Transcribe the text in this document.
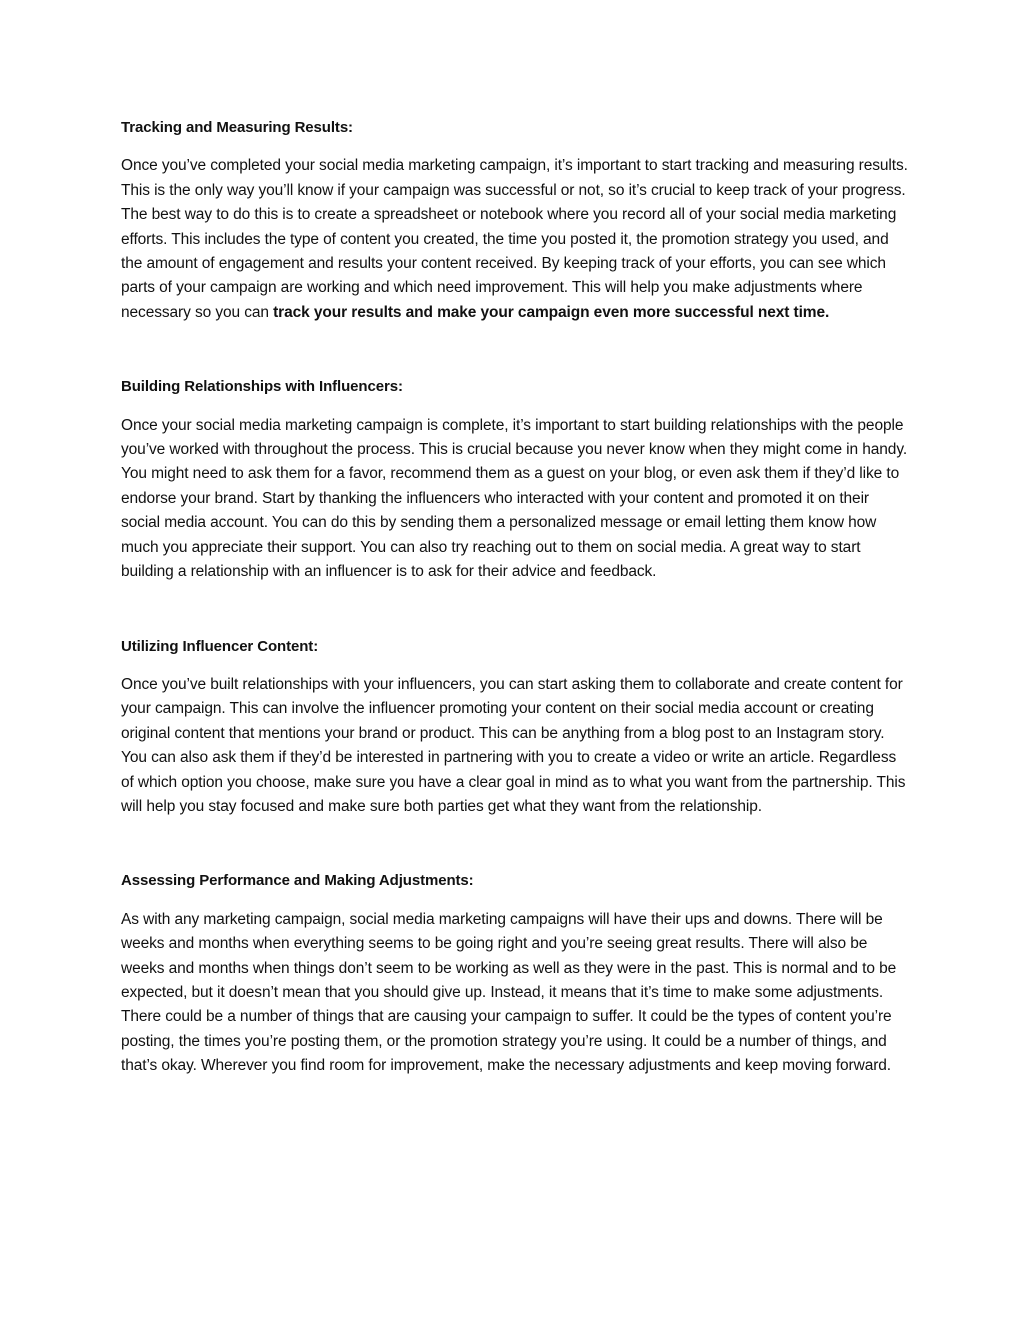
Tracking and Measuring Results:

Once you’ve completed your social media marketing campaign, it’s important to start tracking and measuring results. This is the only way you’ll know if your campaign was successful or not, so it’s crucial to keep track of your progress. The best way to do this is to create a spreadsheet or notebook where you record all of your social media marketing efforts. This includes the type of content you created, the time you posted it, the promotion strategy you used, and the amount of engagement and results your content received. By keeping track of your efforts, you can see which parts of your campaign are working and which need improvement. This will help you make adjustments where necessary so you can track your results and make your campaign even more successful next time.

Building Relationships with Influencers:

Once your social media marketing campaign is complete, it’s important to start building relationships with the people you’ve worked with throughout the process. This is crucial because you never know when they might come in handy. You might need to ask them for a favor, recommend them as a guest on your blog, or even ask them if they’d like to endorse your brand. Start by thanking the influencers who interacted with your content and promoted it on their social media account. You can do this by sending them a personalized message or email letting them know how much you appreciate their support. You can also try reaching out to them on social media. A great way to start building a relationship with an influencer is to ask for their advice and feedback.

Utilizing Influencer Content:

Once you’ve built relationships with your influencers, you can start asking them to collaborate and create content for your campaign. This can involve the influencer promoting your content on their social media account or creating original content that mentions your brand or product. This can be anything from a blog post to an Instagram story. You can also ask them if they’d be interested in partnering with you to create a video or write an article. Regardless of which option you choose, make sure you have a clear goal in mind as to what you want from the partnership. This will help you stay focused and make sure both parties get what they want from the relationship.

Assessing Performance and Making Adjustments:

As with any marketing campaign, social media marketing campaigns will have their ups and downs. There will be weeks and months when everything seems to be going right and you’re seeing great results. There will also be weeks and months when things don’t seem to be working as well as they were in the past. This is normal and to be expected, but it doesn’t mean that you should give up. Instead, it means that it’s time to make some adjustments. There could be a number of things that are causing your campaign to suffer. It could be the types of content you’re posting, the times you’re posting them, or the promotion strategy you’re using. It could be a number of things, and that’s okay. Wherever you find room for improvement, make the necessary adjustments and keep moving forward.
